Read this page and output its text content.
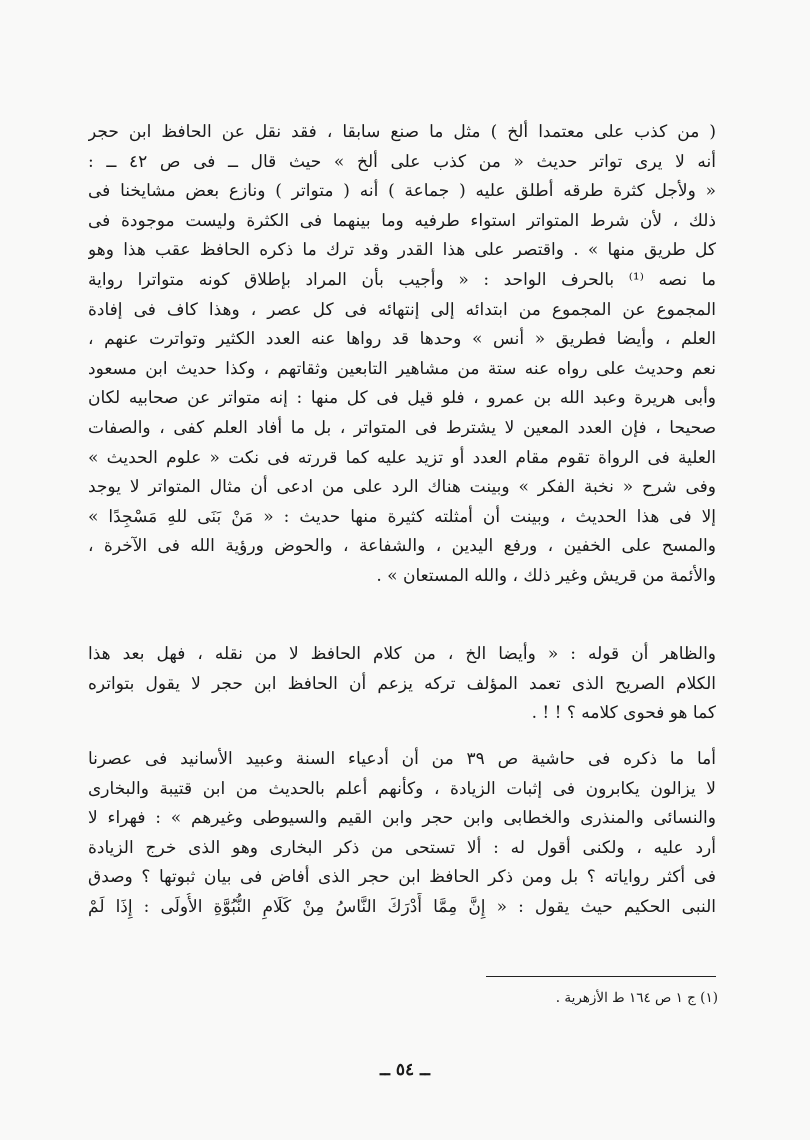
( من كذب على معتمدا ألخ ) مثل ما صنع سابقا ، فقد نقل عن الحافظ ابن حجر
أنه لا يرى تواتر حديث « من كذب على ألخ » حيث قال ــ فى ص ٤٢ ــ :
« ولأجل كثرة طرقه أطلق عليه ( جماعة ) أنه ( متواتر ) ونازع بعض مشايخنا فى
ذلك ، لأن شرط المتواتر استواء طرفيه وما بينهما فى الكثرة وليست موجودة فى
كل طريق منها » . واقتصر على هذا القدر وقد ترك ما ذكره الحافظ عقب هذا وهو
ما نصه ⁽¹⁾ بالحرف الواحد : « وأجيب بأن المراد بإطلاق كونه متواترا رواية
المجموع عن المجموع من ابتدائه إلى إنتهائه فى كل عصر ، وهذا كاف فى إفادة
العلم ، وأيضا فطريق « أنس » وحدها قد رواها عنه العدد الكثير وتواترت عنهم ،
نعم وحديث على رواه عنه ستة من مشاهير التابعين وثقاتهم ، وكذا حديث ابن مسعود
وأبى هريرة وعبد الله بن عمرو ، فلو قيل فى كل منها : إنه متواتر عن صحابيه لكان
صحيحا ، فإن العدد المعين لا يشترط فى المتواتر ، بل ما أفاد العلم كفى ، والصفات
العلية فى الرواة تقوم مقام العدد أو تزيد عليه كما قررته فى نكت « علوم الحديث »
وفى شرح « نخبة الفكر » وبينت هناك الرد على من ادعى أن مثال المتواتر لا يوجد
إلا فى هذا الحديث ، وبينت أن أمثلته كثيرة منها حديث : « مَنْ بَنَى للهِ مَسْجِدًا »
والمسح على الخفين ، ورفع اليدين ، والشفاعة ، والحوض ورؤية الله فى الآخرة ،
والأئمة من قريش وغير ذلك ، والله المستعان » .
والظاهر أن قوله : « وأيضا الخ ، من كلام الحافظ لا من نقله ، فهل بعد هذا
الكلام الصريح الذى تعمد المؤلف تركه يزعم أن الحافظ ابن حجر لا يقول بتواتره
كما هو فحوى كلامه ؟ ! ! .
أما ما ذكره فى حاشية ص ٣٩ من أن أدعياء السنة وعبيد الأسانيد فى عصرنا
لا يزالون يكابرون فى إثبات الزيادة ، وكأنهم أعلم بالحديث من ابن قتيبة والبخارى
والنسائى والمنذرى والخطابى وابن حجر وابن القيم والسيوطى وغيرهم » : فهراء لا
أرد عليه ، ولكنى أقول له : ألا تستحى من ذكر البخارى وهو الذى خرج الزيادة
فى أكثر رواياته ؟ بل ومن ذكر الحافظ ابن حجر الذى أفاض فى بيان ثبوتها ؟ وصدق
النبى الحكيم حيث يقول : « إِنَّ مِمَّا أَدْرَكَ النَّاسُ مِنْ كَلَامِ النُّبُوَّةِ الأُولَى : إِذَا لَمْ
(١) ج ١ ص ١٦٤ ط الأزهرية .
ــ ٥٤ ــ
